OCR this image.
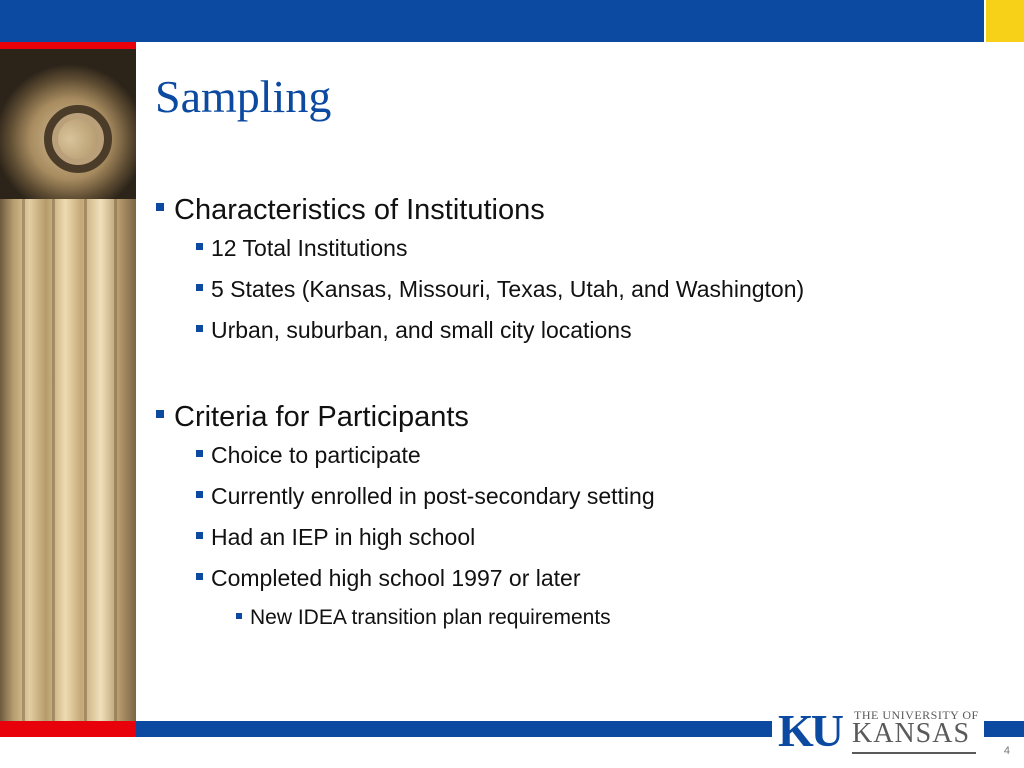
Sampling
Characteristics of Institutions
12 Total Institutions
5 States (Kansas, Missouri, Texas, Utah, and Washington)
Urban, suburban, and small city locations
Criteria for Participants
Choice to participate
Currently enrolled in post-secondary setting
Had an IEP in high school
Completed high school 1997 or later
New IDEA transition plan requirements
KU THE UNIVERSITY OF
KANSAS
4
